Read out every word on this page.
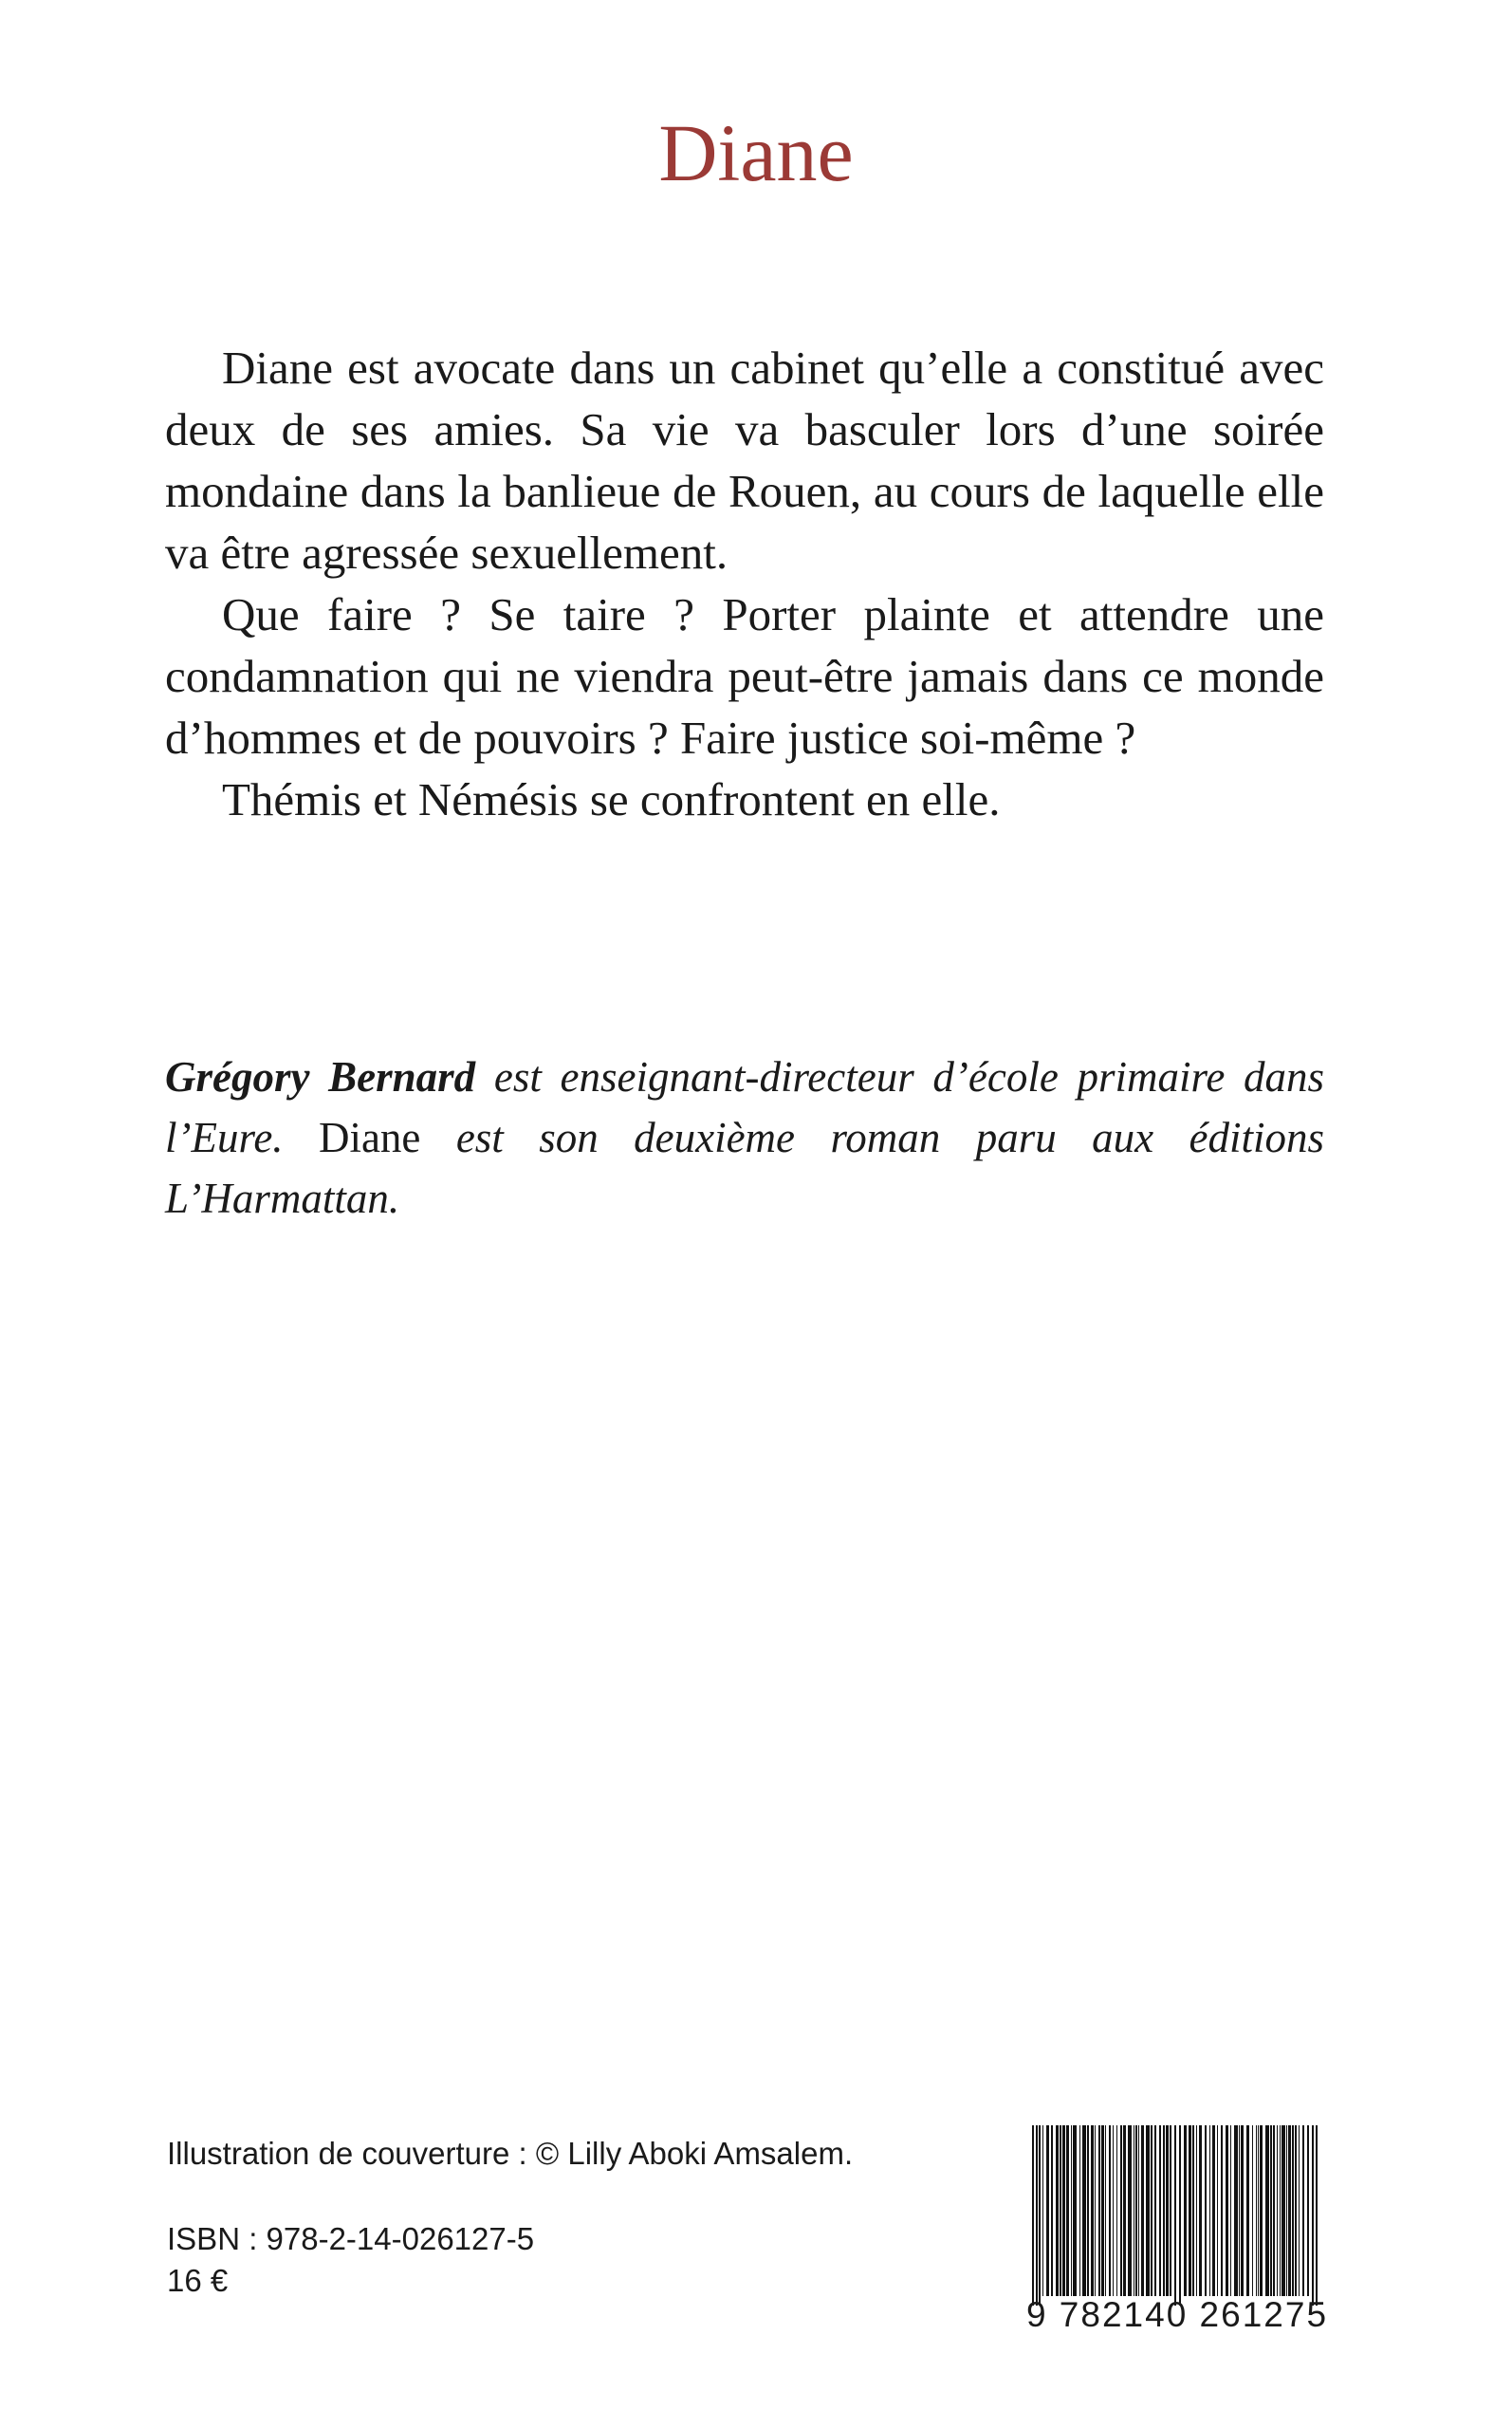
Diane

Diane est avocate dans un cabinet qu’elle a constitué avec deux de ses amies. Sa vie va basculer lors d’une soirée mondaine dans la banlieue de Rouen, au cours de laquelle elle va être agressée sexuellement.

Que faire ? Se taire ? Porter plainte et attendre une condamnation qui ne viendra peut-être jamais dans ce monde d’hommes et de pouvoirs ? Faire justice soi-même ?

Thémis et Némésis se confrontent en elle.

Grégory Bernard est enseignant-directeur d’école primaire dans l’Eure. Diane est son deuxième roman paru aux éditions L’Harmattan.
Illustration de couverture : © Lilly Aboki Amsalem.
ISBN : 978-2-14-026127-5
16 €
9 782140 261275
